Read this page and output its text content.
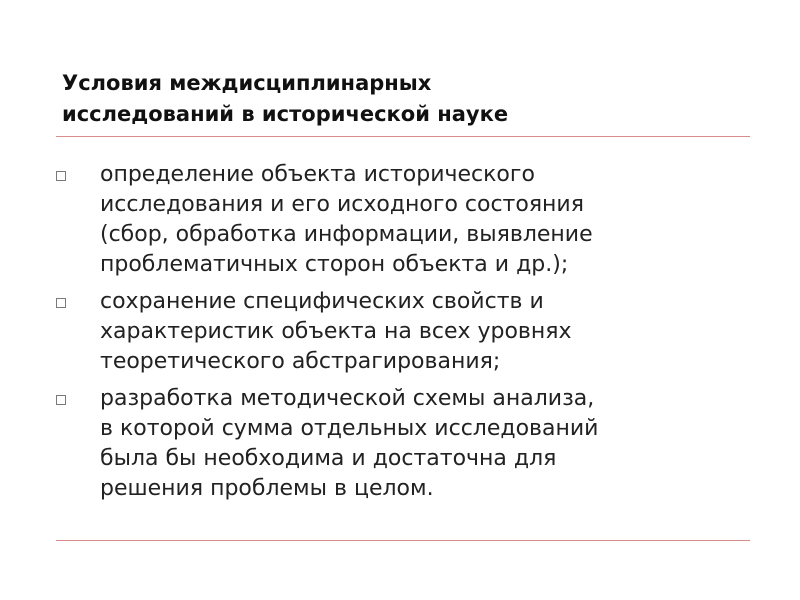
Условия междисциплинарных
исследований в исторической науке
определение объекта исторического
исследования и его исходного состояния
(сбор, обработка информации, выявление
проблематичных сторон объекта и др.);
сохранение специфических свойств и
характеристик объекта на всех уровнях
теоретического абстрагирования;
разработка методической схемы анализа,
в которой сумма отдельных исследований
была бы необходима и достаточна для
решения проблемы в целом.
